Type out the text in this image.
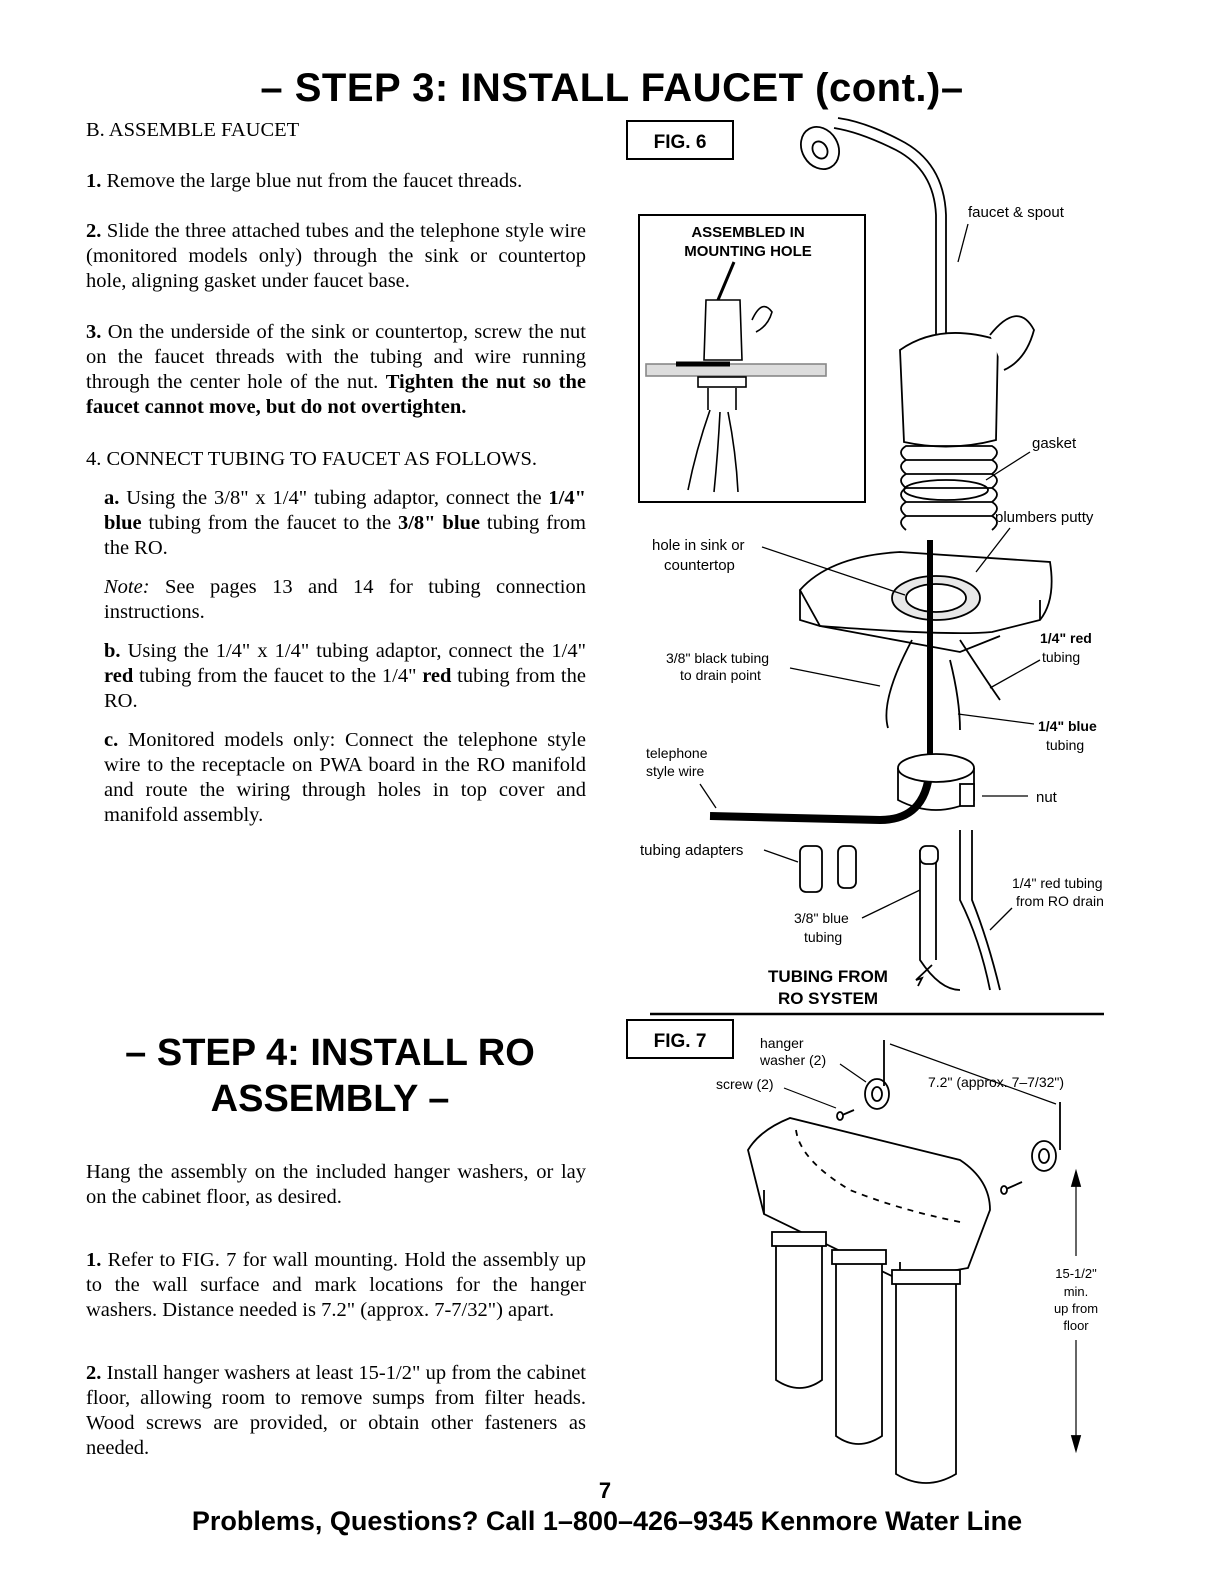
– STEP 3: INSTALL FAUCET (cont.)–

B. ASSEMBLE FAUCET

1. Remove the large blue nut from the faucet threads.

2. Slide the three attached tubes and the telephone style wire (monitored models only) through the sink or countertop hole, aligning gasket under faucet base.

3. On the underside of the sink or countertop, screw the nut on the faucet threads with the tubing and wire running through the center hole of the nut. Tighten the nut so the faucet cannot move, but do not overtighten.

4. CONNECT TUBING TO FAUCET AS FOLLOWS.

a. Using the 3/8" x 1/4" tubing adaptor, connect the 1/4" blue tubing from the faucet to the 3/8" blue tubing from the RO.

Note: See pages 13 and 14 for tubing connection instructions.

b. Using the 1/4" x 1/4" tubing adaptor, connect the 1/4" red tubing from the faucet to the 1/4" red tubing from the RO.

c. Monitored models only: Connect the telephone style wire to the receptacle on PWA board in the RO manifold and route the wiring through holes in top cover and manifold assembly.

– STEP 4: INSTALL RO
ASSEMBLY –

Hang the assembly on the included hanger washers, or lay on the cabinet floor, as desired.

1. Refer to FIG. 7 for wall mounting. Hold the assembly up to the wall surface and mark locations for the hanger washers. Distance needed is 7.2" (approx. 7-7/32") apart.

2. Install hanger washers at least 15-1/2" up from the cabinet floor, allowing room to remove sumps from filter heads. Wood screws are provided, or obtain other fasteners as needed.

7
Problems, Questions? Call 1–800–426–9345 Kenmore Water Line
FIG. 6
ASSEMBLED IN
MOUNTING HOLE
faucet & spout
gasket
plumbers putty
hole in sink or
countertop
1/4" red
tubing
3/8" black tubing
to drain point
1/4" blue
tubing
telephone
style wire
nut
tubing adapters
1/4" red tubing
from RO drain
3/8" blue
tubing
TUBING FROM
RO SYSTEM
FIG. 7	hanger
washer (2)
screw (2)	7.2" (approx. 7–7/32")
15-1/2"
min.
up from
floor
